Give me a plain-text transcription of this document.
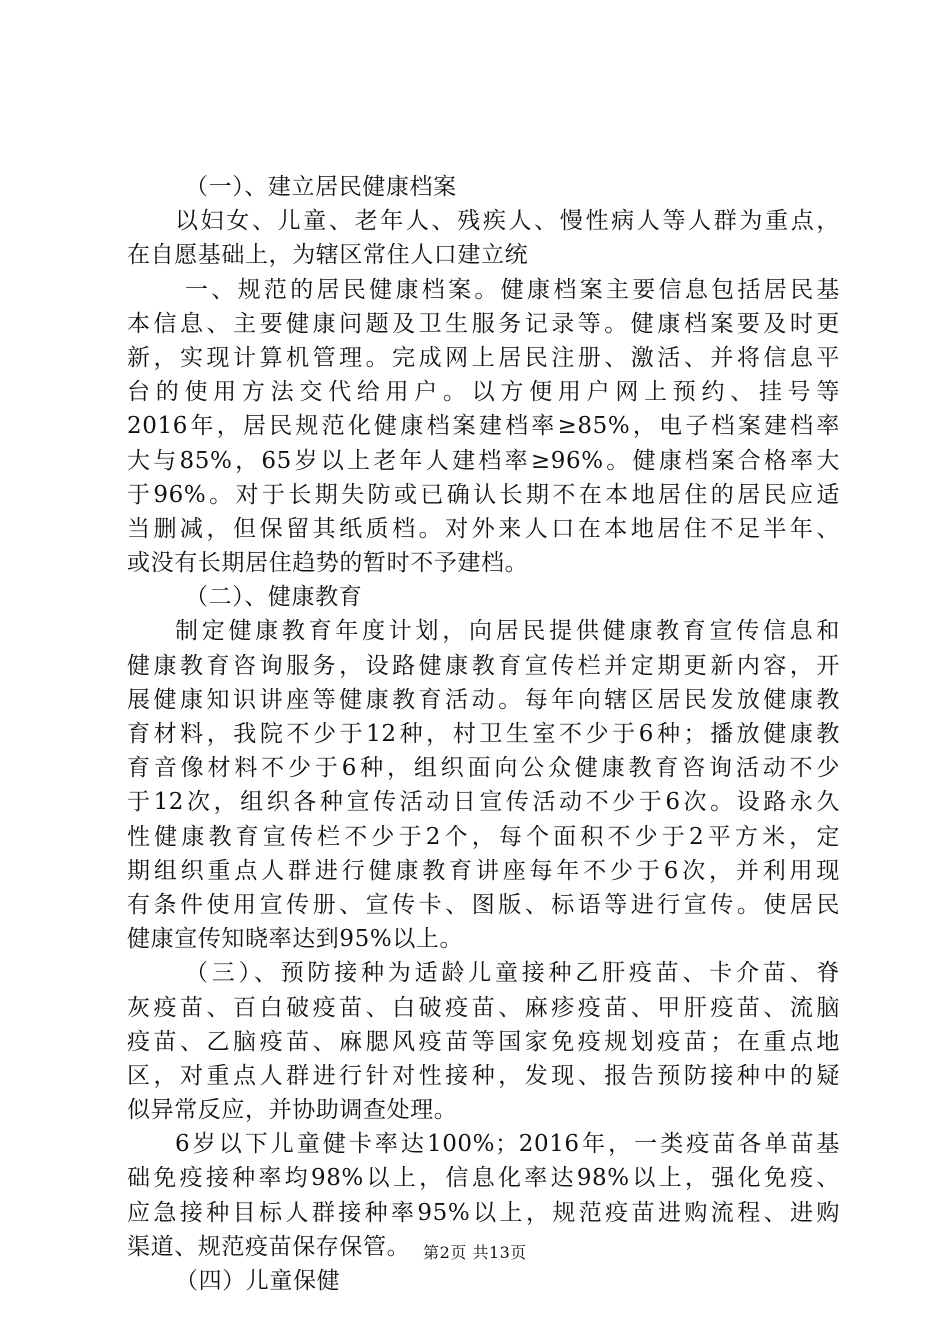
（一）、建立居民健康档案
以妇女、儿童、老年人、残疾人、慢性病人等人群为重点，
在自愿基础上，为辖区常住人口建立统
一、规范的居民健康档案。健康档案主要信息包括居民基
本信息、主要健康问题及卫生服务记录等。健康档案要及时更
新，实现计算机管理。完成网上居民注册、激活、并将信息平
台的使用方法交代给用户。以方便用户网上预约、挂号等
2016年，居民规范化健康档案建档率≥85%，电子档案建档率
大与85%，65岁以上老年人建档率≥96%。健康档案合格率大
于96%。对于长期失防或已确认长期不在本地居住的居民应适
当删减，但保留其纸质档。对外来人口在本地居住不足半年、
或没有长期居住趋势的暂时不予建档。
（二）、健康教育
制定健康教育年度计划，向居民提供健康教育宣传信息和
健康教育咨询服务，设路健康教育宣传栏并定期更新内容，开
展健康知识讲座等健康教育活动。每年向辖区居民发放健康教
育材料，我院不少于12种，村卫生室不少于6种；播放健康教
育音像材料不少于6种，组织面向公众健康教育咨询活动不少
于12次，组织各种宣传活动日宣传活动不少于6次。设路永久
性健康教育宣传栏不少于2个，每个面积不少于2平方米，定
期组织重点人群进行健康教育讲座每年不少于6次，并利用现
有条件使用宣传册、宣传卡、图版、标语等进行宣传。使居民
健康宣传知晓率达到95%以上。
（三）、预防接种为适龄儿童接种乙肝疫苗、卡介苗、脊
灰疫苗、百白破疫苗、白破疫苗、麻疹疫苗、甲肝疫苗、流脑
疫苗、乙脑疫苗、麻腮风疫苗等国家免疫规划疫苗；在重点地
区，对重点人群进行针对性接种，发现、报告预防接种中的疑
似异常反应，并协助调查处理。
6岁以下儿童健卡率达100%；2016年，一类疫苗各单苗基
础免疫接种率均98%以上，信息化率达98%以上，强化免疫、
应急接种目标人群接种率95%以上，规范疫苗进购流程、进购
渠道、规范疫苗保存保管。
（四）儿童保健
第2页 共13页
